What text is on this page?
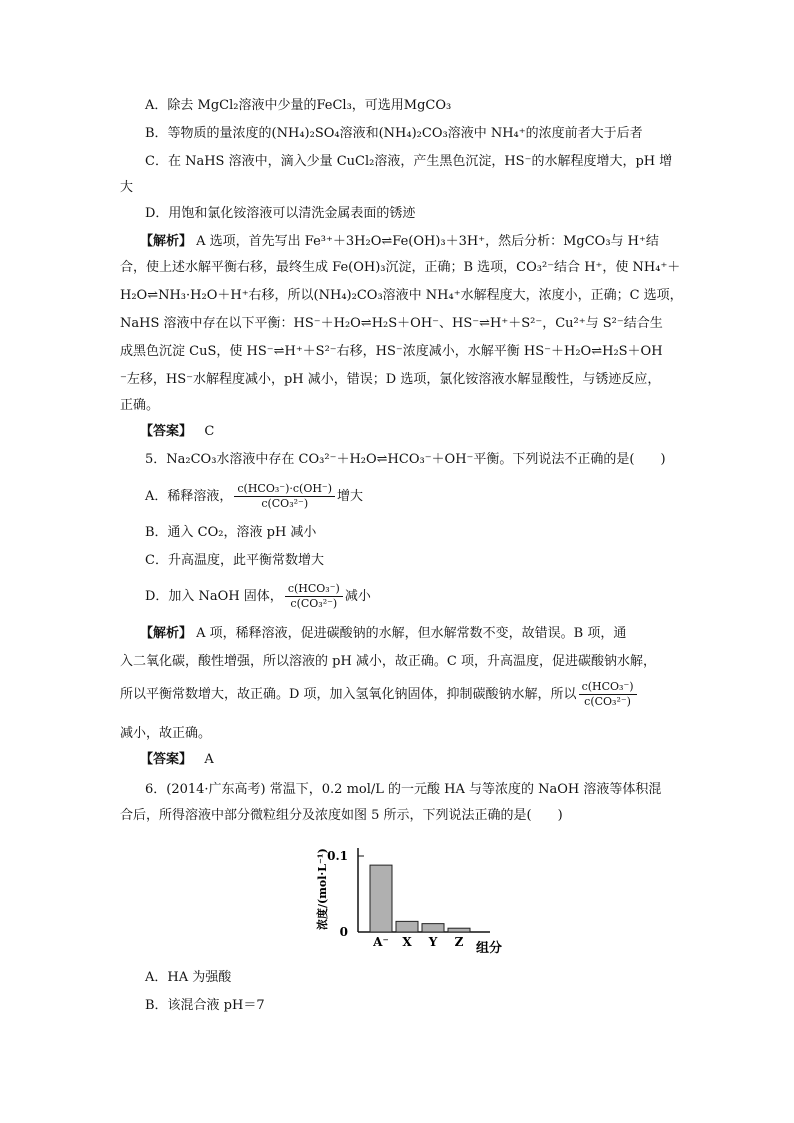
A．除去 MgCl₂溶液中少量的FeCl₃，可选用MgCO₃
B．等物质的量浓度的(NH₄)₂SO₄溶液和(NH₄)₂CO₃溶液中 NH₄⁺的浓度前者大于后者
C．在 NaHS 溶液中，滴入少量 CuCl₂溶液，产生黑色沉淀，HS⁻的水解程度增大，pH 增
大
D．用饱和氯化铵溶液可以清洗金属表面的锈迹
【解析】 A 选项，首先写出 Fe³⁺＋3H₂O⇌Fe(OH)₃＋3H⁺，然后分析：MgCO₃与 H⁺结
合，使上述水解平衡右移，最终生成 Fe(OH)₃沉淀，正确；B 选项，CO₃²⁻结合 H⁺，使 NH₄⁺＋
H₂O⇌NH₃·H₂O＋H⁺右移，所以(NH₄)₂CO₃溶液中 NH₄⁺水解程度大，浓度小，正确；C 选项，
NaHS 溶液中存在以下平衡：HS⁻＋H₂O⇌H₂S＋OH⁻、HS⁻⇌H⁺＋S²⁻，Cu²⁺与 S²⁻结合生
成黑色沉淀 CuS，使 HS⁻⇌H⁺＋S²⁻右移，HS⁻浓度减小，水解平衡 HS⁻＋H₂O⇌H₂S＋OH
⁻左移，HS⁻水解程度减小，pH 减小，错误；D 选项，氯化铵溶液水解显酸性，与锈迹反应，
正确。
【答案】 C
5．Na₂CO₃水溶液中存在 CO₃²⁻＋H₂O⇌HCO₃⁻＋OH⁻平衡。下列说法不正确的是(　　)
A．稀释溶液， $\frac{\text{c(HCO₃⁻)·c(OH⁻)}}{\text{c(CO₃²⁻)}}$ 增大
B．通入 CO₂，溶液 pH 减小
C．升高温度，此平衡常数增大
D．加入 NaOH 固体， $\frac{\text{c(HCO₃⁻)}}{\text{c(CO₃²⁻)}}$ 减小
【解析】 A 项，稀释溶液，促进碳酸钠的水解，但水解常数不变，故错误。B 项，通
入二氧化碳，酸性增强，所以溶液的 pH 减小，故正确。C 项，升高温度，促进碳酸钠水解，
所以平衡常数增大，故正确。D 项，加入氢氧化钠固体，抑制碳酸钠水解，所以 $\frac{\text{c(HCO₃⁻)}}{\text{c(CO₃²⁻)}}$
减小，故正确。
【答案】 A
6．(2014·广东高考) 常温下，0.2 mol/L 的一元酸 HA 与等浓度的 NaOH 溶液等体积混
合后，所得溶液中部分微粒组分及浓度如图 5 所示，下列说法正确的是(　　)
0.1
0
浓度/(mol·L⁻¹)
组分
A⁻ X Y Z
A．HA 为强酸
B．该混合液 pH＝7
